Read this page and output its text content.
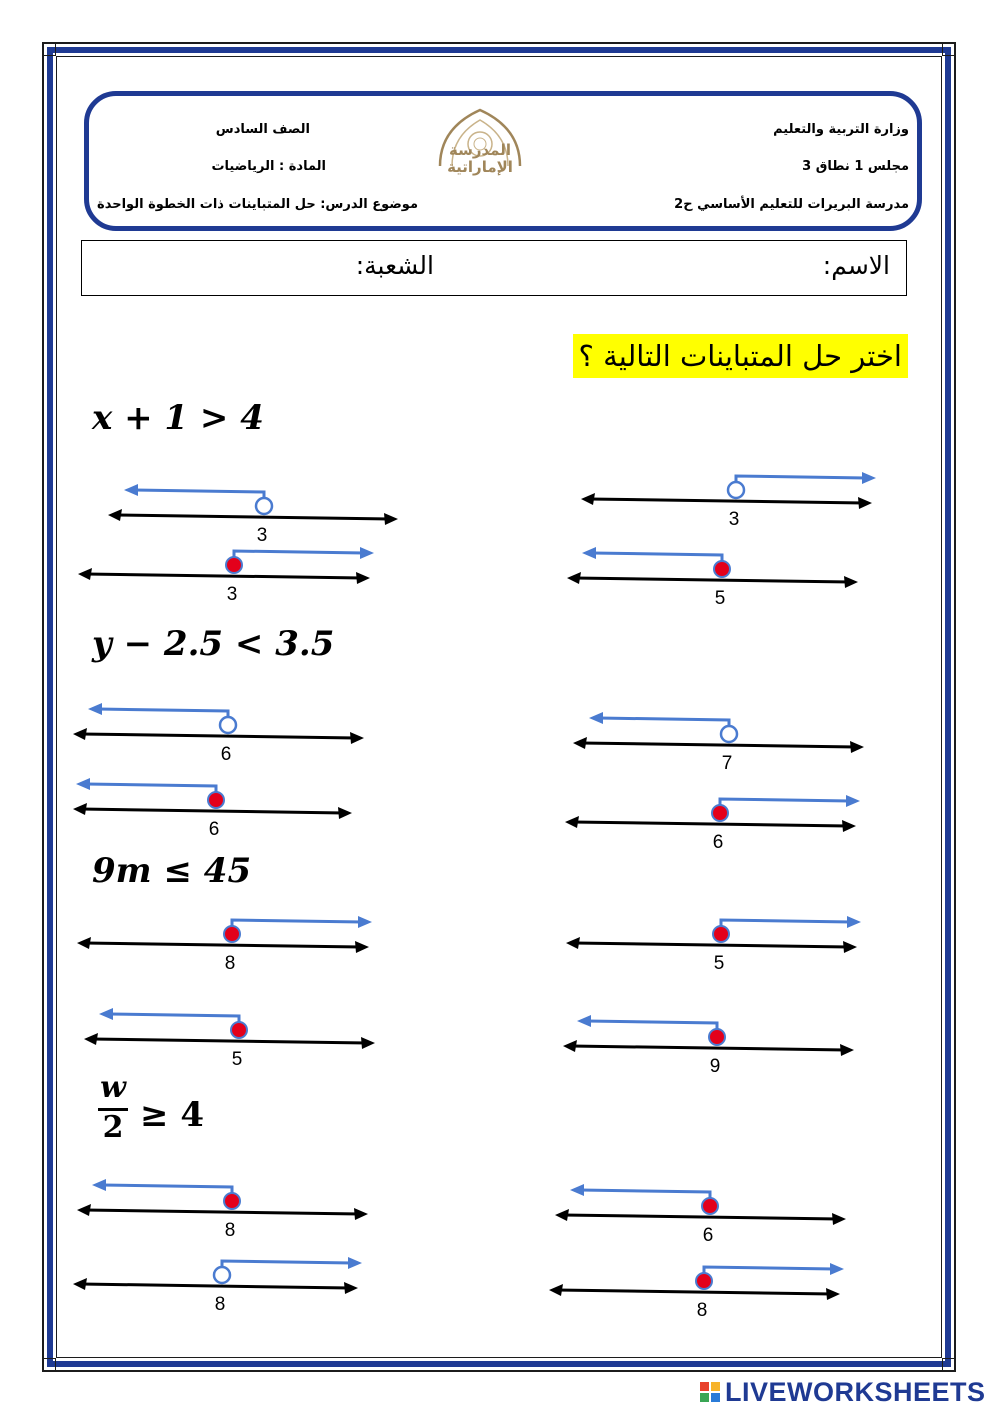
وزارة التربية والتعليم
مجلس 1 نطاق 3
مدرسة البريرات للتعليم الأساسي ح2
الصف السادس
المادة : الرياضيات
موضوع الدرس: حل المتباينات ذات الخطوة الواحدة
المدرسة
الإماراتية
الاسم:
الشعبة:
اختر حل المتباينات التالية ؟
x + 1 > 4
y − 2.5 < 3.5
9m ≤ 45
w
2 ≥ 4
3
3
3	5
6	7
6
6
8	5
5	9
8	6
8	8
LIVEWORKSHEETS
